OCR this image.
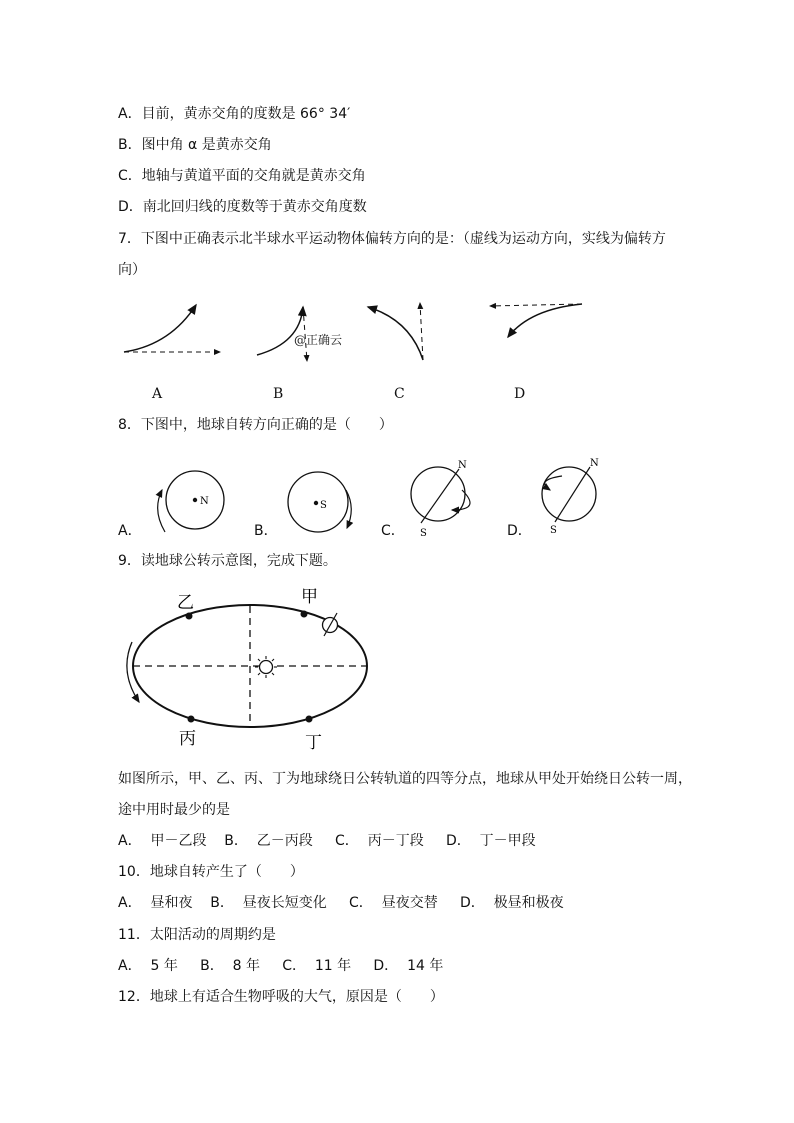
A．目前，黄赤交角的度数是 66° 34′
B．图中角 α 是黄赤交角
C．地轴与黄道平面的交角就是黄赤交角
D．南北回归线的度数等于黄赤交角度数
7．下图中正确表示北半球水平运动物体偏转方向的是：（虚线为运动方向，实线为偏转方
向）
@正确云
A	B	C	D
8．下图中，地球自转方向正确的是（　　）
N	S
N
S
N
S
A．	B．	C．	D．
9．读地球公转示意图，完成下题。
乙	甲
丙	丁
如图所示，甲、乙、丙、丁为地球绕日公转轨道的四等分点，地球从甲处开始绕日公转一周，
途中用时最少的是
A．  甲－乙段    B．  乙－丙段     C．  丙－丁段     D．  丁－甲段
10．地球自转产生了（　　）
A．  昼和夜    B．  昼夜长短变化     C．  昼夜交替     D．  极昼和极夜
11．太阳活动的周期约是
A．  5 年     B．  8 年     C．  11 年     D．  14 年
12．地球上有适合生物呼吸的大气，原因是（　　）
